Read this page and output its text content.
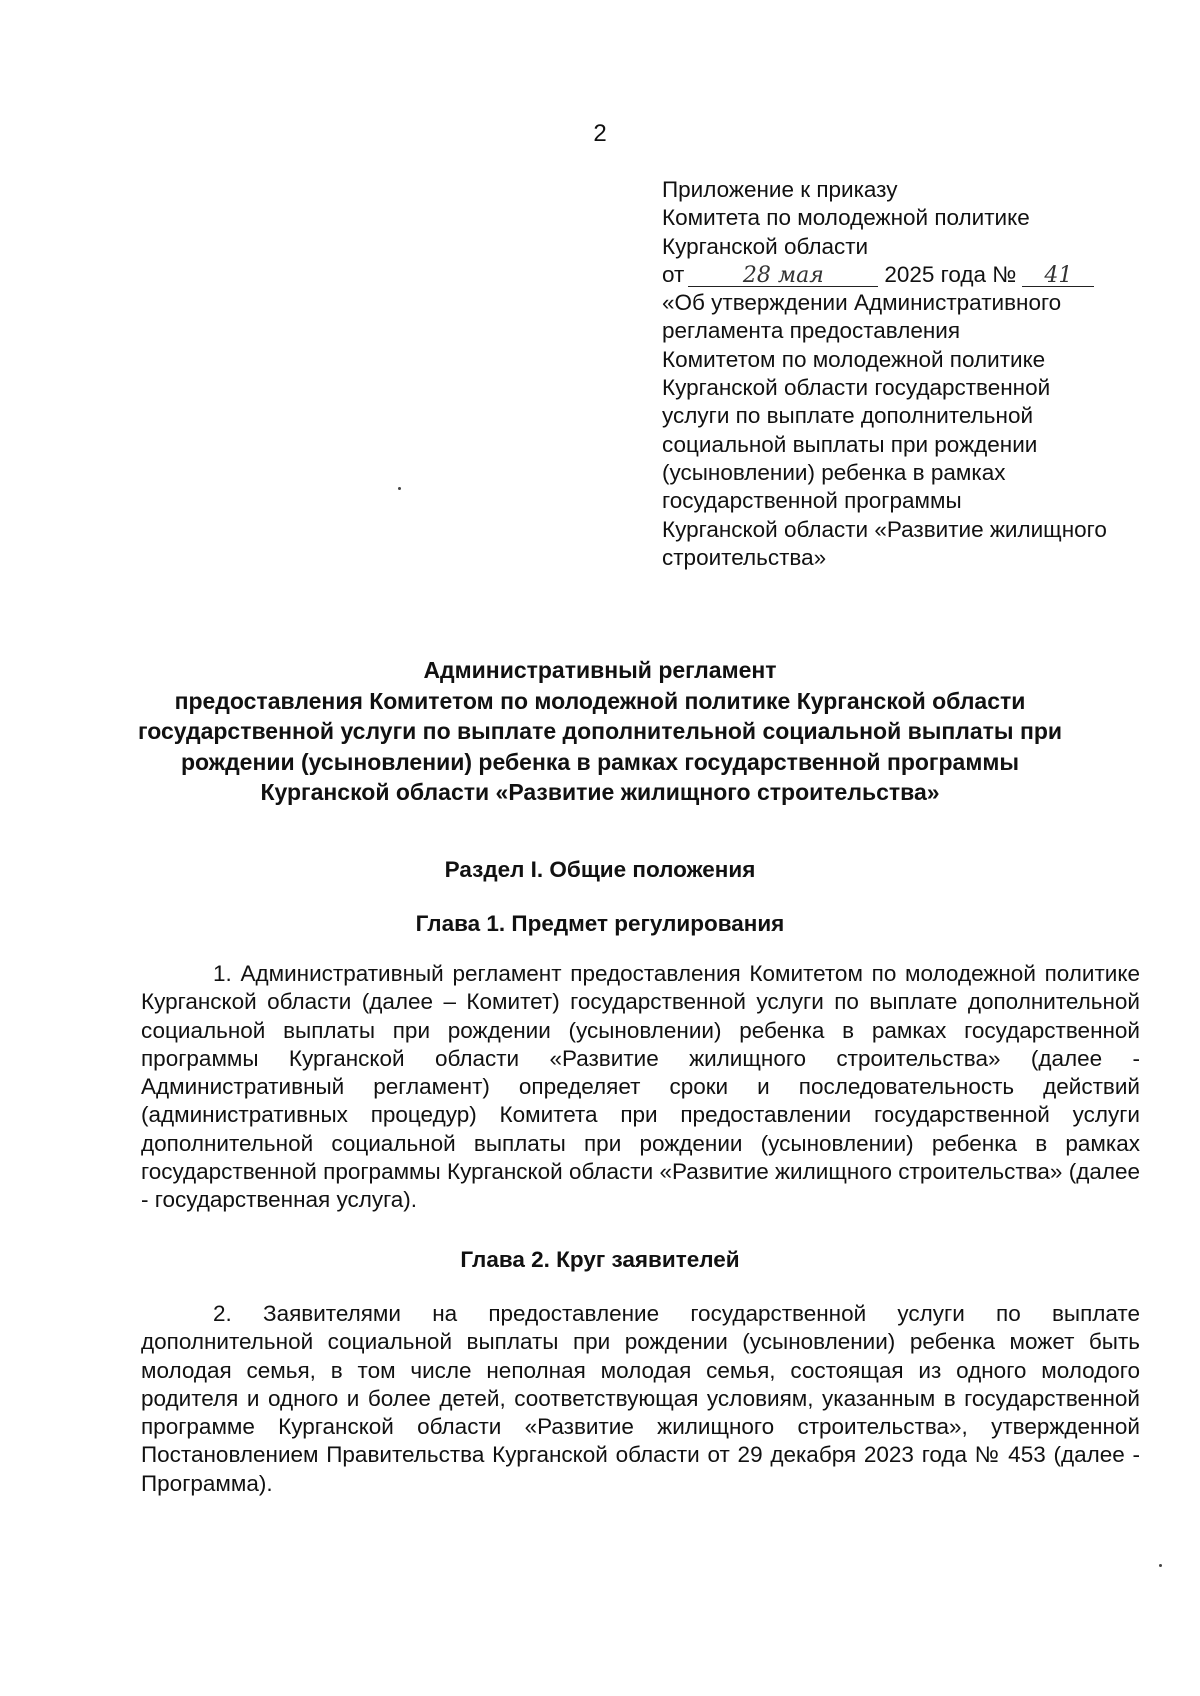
2
Приложение к приказу
Комитета по молодежной политике
Курганской области
от	28 мая	2025 года № 41
«Об утверждении Административного
регламента предоставления
Комитетом по молодежной политике
Курганской области государственной
услуги по выплате дополнительной
социальной выплаты при рождении
(усыновлении) ребенка в рамках
государственной программы
Курганской области «Развитие жилищного
строительства»
Административный регламент
предоставления Комитетом по молодежной политике Курганской области
государственной услуги по выплате дополнительной социальной выплаты при
рождении (усыновлении) ребенка в рамках государственной программы
Курганской области «Развитие жилищного строительства»
Раздел I. Общие положения
Глава 1. Предмет регулирования
1. Административный регламент предоставления Комитетом по молодежной политике Курганской области (далее – Комитет) государственной услуги по выплате дополнительной социальной выплаты при рождении (усыновлении) ребенка в рамках государственной программы Курганской области «Развитие жилищного строительства» (далее - Административный регламент) определяет сроки и последовательность действий (административных процедур) Комитета при предоставлении государственной услуги дополнительной социальной выплаты при рождении (усыновлении) ребенка в рамках государственной программы Курганской области «Развитие жилищного строительства» (далее - государственная услуга).
Глава 2. Круг заявителей
2. Заявителями на предоставление государственной услуги по выплате дополнительной социальной выплаты при рождении (усыновлении) ребенка может быть молодая семья, в том числе неполная молодая семья, состоящая из одного молодого родителя и одного и более детей, соответствующая условиям, указанным в государственной программе Курганской области «Развитие жилищного строительства», утвержденной Постановлением Правительства Курганской области от 29 декабря 2023 года № 453 (далее - Программа).
